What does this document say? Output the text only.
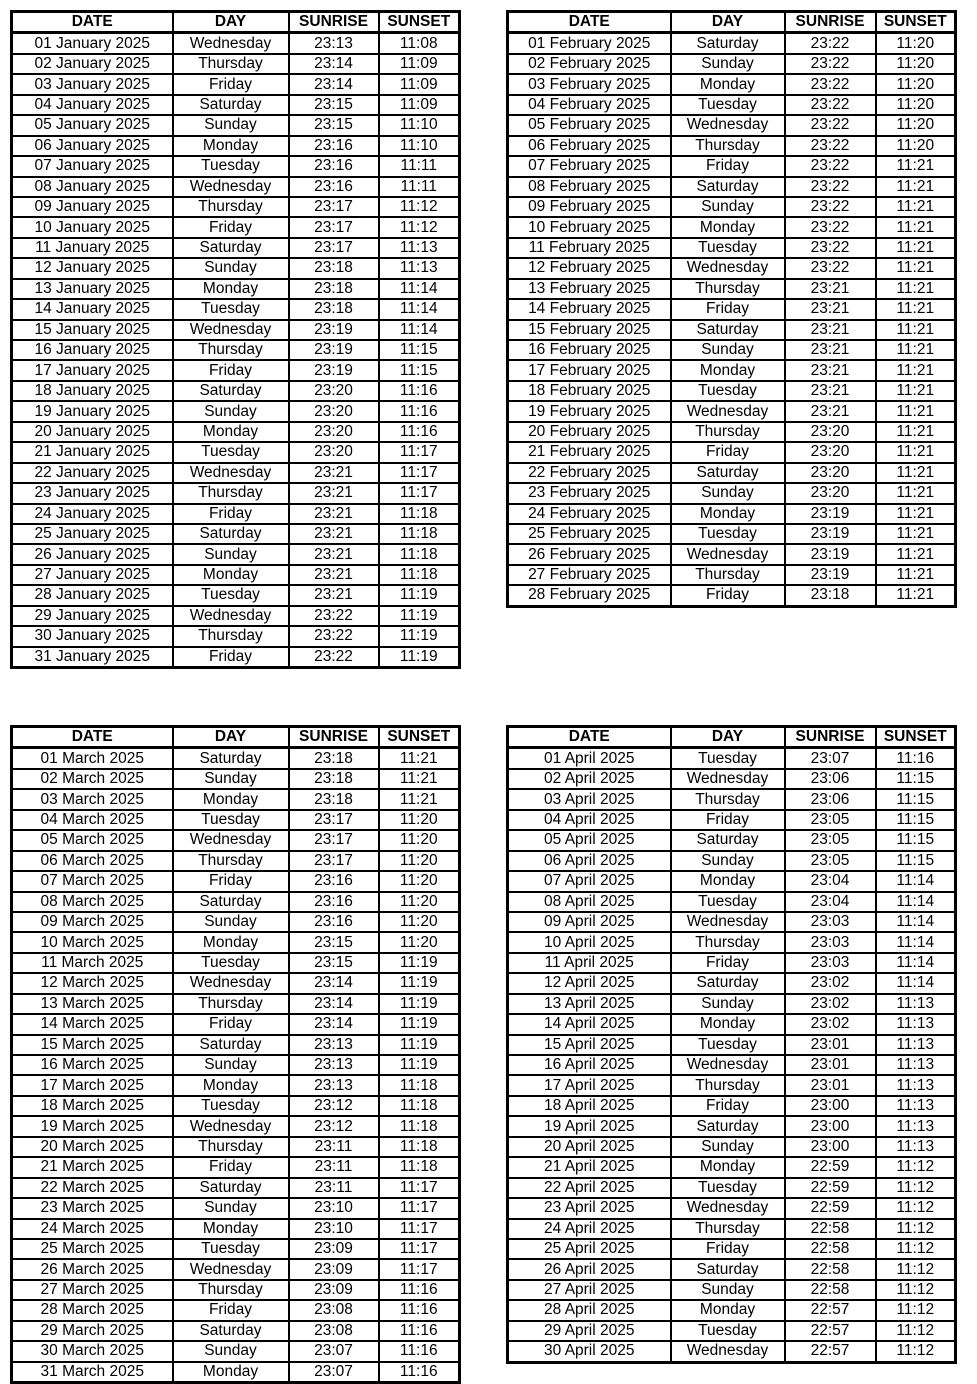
DATE	DAY	SUNRISE	SUNSET
01 January 2025	Wednesday	23:13	11:08
02 January 2025	Thursday	23:14	11:09
03 January 2025	Friday	23:14	11:09
04 January 2025	Saturday	23:15	11:09
05 January 2025	Sunday	23:15	11:10
06 January 2025	Monday	23:16	11:10
07 January 2025	Tuesday	23:16	11:11
08 January 2025	Wednesday	23:16	11:11
09 January 2025	Thursday	23:17	11:12
10 January 2025	Friday	23:17	11:12
11 January 2025	Saturday	23:17	11:13
12 January 2025	Sunday	23:18	11:13
13 January 2025	Monday	23:18	11:14
14 January 2025	Tuesday	23:18	11:14
15 January 2025	Wednesday	23:19	11:14
16 January 2025	Thursday	23:19	11:15
17 January 2025	Friday	23:19	11:15
18 January 2025	Saturday	23:20	11:16
19 January 2025	Sunday	23:20	11:16
20 January 2025	Monday	23:20	11:16
21 January 2025	Tuesday	23:20	11:17
22 January 2025	Wednesday	23:21	11:17
23 January 2025	Thursday	23:21	11:17
24 January 2025	Friday	23:21	11:18
25 January 2025	Saturday	23:21	11:18
26 January 2025	Sunday	23:21	11:18
27 January 2025	Monday	23:21	11:18
28 January 2025	Tuesday	23:21	11:19
29 January 2025	Wednesday	23:22	11:19
30 January 2025	Thursday	23:22	11:19
31 January 2025	Friday	23:22	11:19
DATE	DAY	SUNRISE	SUNSET
01 February 2025	Saturday	23:22	11:20
02 February 2025	Sunday	23:22	11:20
03 February 2025	Monday	23:22	11:20
04 February 2025	Tuesday	23:22	11:20
05 February 2025	Wednesday	23:22	11:20
06 February 2025	Thursday	23:22	11:20
07 February 2025	Friday	23:22	11:21
08 February 2025	Saturday	23:22	11:21
09 February 2025	Sunday	23:22	11:21
10 February 2025	Monday	23:22	11:21
11 February 2025	Tuesday	23:22	11:21
12 February 2025	Wednesday	23:22	11:21
13 February 2025	Thursday	23:21	11:21
14 February 2025	Friday	23:21	11:21
15 February 2025	Saturday	23:21	11:21
16 February 2025	Sunday	23:21	11:21
17 February 2025	Monday	23:21	11:21
18 February 2025	Tuesday	23:21	11:21
19 February 2025	Wednesday	23:21	11:21
20 February 2025	Thursday	23:20	11:21
21 February 2025	Friday	23:20	11:21
22 February 2025	Saturday	23:20	11:21
23 February 2025	Sunday	23:20	11:21
24 February 2025	Monday	23:19	11:21
25 February 2025	Tuesday	23:19	11:21
26 February 2025	Wednesday	23:19	11:21
27 February 2025	Thursday	23:19	11:21
28 February 2025	Friday	23:18	11:21
DATE	DAY	SUNRISE	SUNSET
01 March 2025	Saturday	23:18	11:21
02 March 2025	Sunday	23:18	11:21
03 March 2025	Monday	23:18	11:21
04 March 2025	Tuesday	23:17	11:20
05 March 2025	Wednesday	23:17	11:20
06 March 2025	Thursday	23:17	11:20
07 March 2025	Friday	23:16	11:20
08 March 2025	Saturday	23:16	11:20
09 March 2025	Sunday	23:16	11:20
10 March 2025	Monday	23:15	11:20
11 March 2025	Tuesday	23:15	11:19
12 March 2025	Wednesday	23:14	11:19
13 March 2025	Thursday	23:14	11:19
14 March 2025	Friday	23:14	11:19
15 March 2025	Saturday	23:13	11:19
16 March 2025	Sunday	23:13	11:19
17 March 2025	Monday	23:13	11:18
18 March 2025	Tuesday	23:12	11:18
19 March 2025	Wednesday	23:12	11:18
20 March 2025	Thursday	23:11	11:18
21 March 2025	Friday	23:11	11:18
22 March 2025	Saturday	23:11	11:17
23 March 2025	Sunday	23:10	11:17
24 March 2025	Monday	23:10	11:17
25 March 2025	Tuesday	23:09	11:17
26 March 2025	Wednesday	23:09	11:17
27 March 2025	Thursday	23:09	11:16
28 March 2025	Friday	23:08	11:16
29 March 2025	Saturday	23:08	11:16
30 March 2025	Sunday	23:07	11:16
31 March 2025	Monday	23:07	11:16
DATE	DAY	SUNRISE	SUNSET
01 April 2025	Tuesday	23:07	11:16
02 April 2025	Wednesday	23:06	11:15
03 April 2025	Thursday	23:06	11:15
04 April 2025	Friday	23:05	11:15
05 April 2025	Saturday	23:05	11:15
06 April 2025	Sunday	23:05	11:15
07 April 2025	Monday	23:04	11:14
08 April 2025	Tuesday	23:04	11:14
09 April 2025	Wednesday	23:03	11:14
10 April 2025	Thursday	23:03	11:14
11 April 2025	Friday	23:03	11:14
12 April 2025	Saturday	23:02	11:14
13 April 2025	Sunday	23:02	11:13
14 April 2025	Monday	23:02	11:13
15 April 2025	Tuesday	23:01	11:13
16 April 2025	Wednesday	23:01	11:13
17 April 2025	Thursday	23:01	11:13
18 April 2025	Friday	23:00	11:13
19 April 2025	Saturday	23:00	11:13
20 April 2025	Sunday	23:00	11:13
21 April 2025	Monday	22:59	11:12
22 April 2025	Tuesday	22:59	11:12
23 April 2025	Wednesday	22:59	11:12
24 April 2025	Thursday	22:58	11:12
25 April 2025	Friday	22:58	11:12
26 April 2025	Saturday	22:58	11:12
27 April 2025	Sunday	22:58	11:12
28 April 2025	Monday	22:57	11:12
29 April 2025	Tuesday	22:57	11:12
30 April 2025	Wednesday	22:57	11:12
